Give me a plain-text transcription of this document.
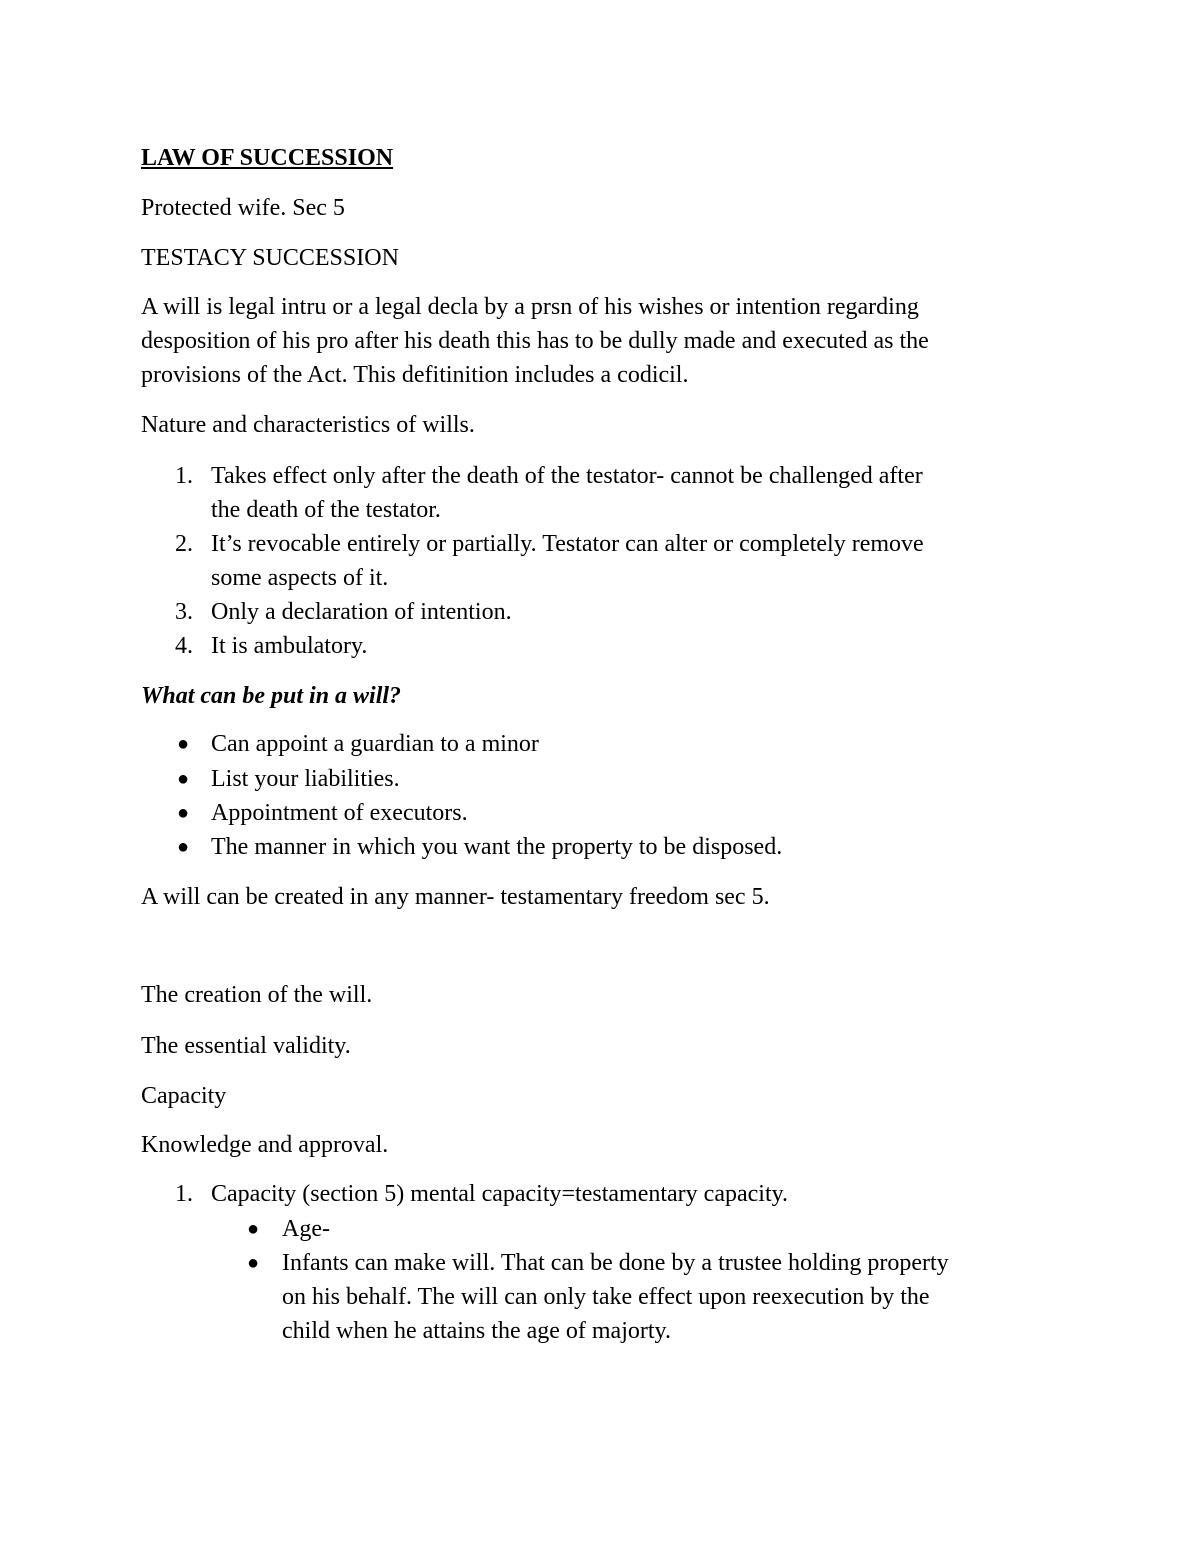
LAW OF SUCCESSION
Protected wife. Sec 5
TESTACY SUCCESSION
A will is legal intru or a legal decla by a prsn of his wishes or intention regarding
desposition of his pro after his death this has to be dully made and executed as the
provisions of the Act. This defitinition includes a codicil.
Nature and characteristics of wills.
1. Takes effect only after the death of the testator- cannot be challenged after
the death of the testator.
2. It’s revocable entirely or partially. Testator can alter or completely remove
some aspects of it.
3. Only a declaration of intention.
4. It is ambulatory.
What can be put in a will?
● Can appoint a guardian to a minor
● List your liabilities.
● Appointment of executors.
● The manner in which you want the property to be disposed.
A will can be created in any manner- testamentary freedom sec 5.
The creation of the will.
The essential validity.
Capacity
Knowledge and approval.
1. Capacity (section 5) mental capacity=testamentary capacity.
● Age-
● Infants can make will. That can be done by a trustee holding property
on his behalf. The will can only take effect upon reexecution by the
child when he attains the age of majorty.
